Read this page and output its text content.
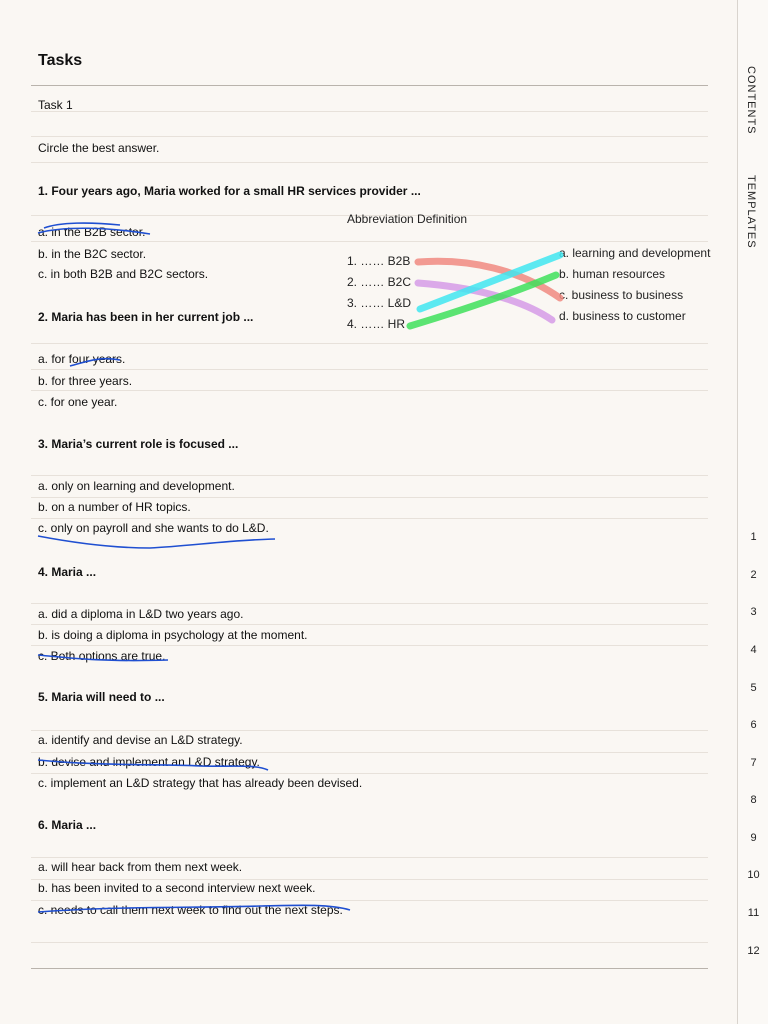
Tasks
Task 1
Circle the best answer.
1. Four years ago, Maria worked for a small HR services provider ...
a. in the B2B sector.
b. in the B2C sector.
c. in both B2B and B2C sectors.
2. Maria has been in her current job ...
a. for four years.
b. for three years.
c. for one year.
3. Maria’s current role is focused ...
a. only on learning and development.
b. on a number of HR topics.
c. only on payroll and she wants to do L&D.
4. Maria ...
a. did a diploma in L&D two years ago.
b. is doing a diploma in psychology at the moment.
c. Both options are true.
5. Maria will need to ...
a. identify and devise an L&D strategy.
b. devise and implement an L&D strategy.
c. implement an L&D strategy that has already been devised.
6. Maria ...
a. will hear back from them next week.
b. has been invited to a second interview next week.
c. needs to call them next week to find out the next steps.
Abbreviation Definition
1. …… B2B
2. …… B2C
3. …… L&D
4. …… HR
a. learning and development
b. human resources
c. business to business
d. business to customer
CONTENTS
TEMPLATES
1
2
3
4
5
6
7
8
9
10
11
12
